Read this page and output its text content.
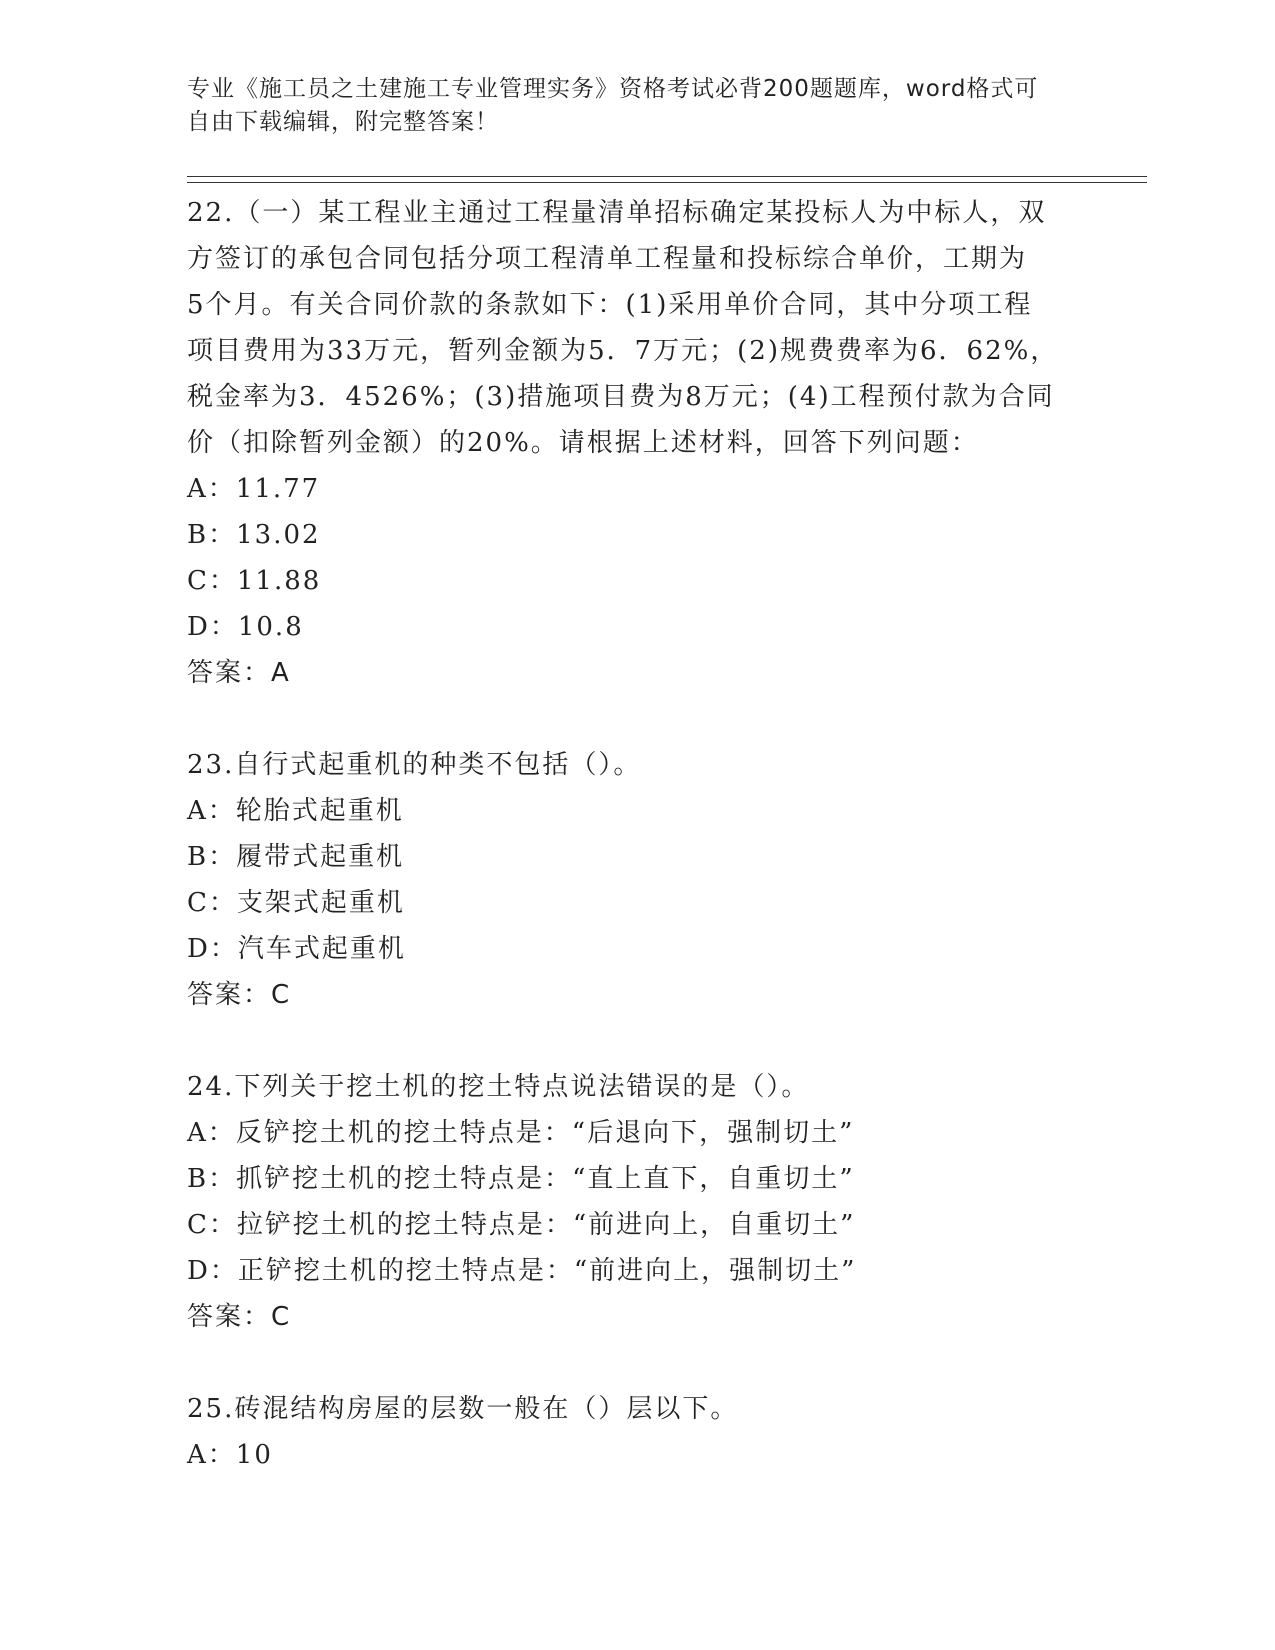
专业《施工员之土建施工专业管理实务》资格考试必背200题题库，word格式可
自由下载编辑，附完整答案！
22.（一）某工程业主通过工程量清单招标确定某投标人为中标人，双
方签订的承包合同包括分项工程清单工程量和投标综合单价，工期为
5个月。有关合同价款的条款如下：(1)采用单价合同，其中分项工程
项目费用为33万元，暂列金额为5．7万元；(2)规费费率为6．62%，
税金率为3．4526%；(3)措施项目费为8万元；(4)工程预付款为合同
价（扣除暂列金额）的20%。请根据上述材料，回答下列问题：
A：11.77
B：13.02
C：11.88
D：10.8
答案：A
23.自行式起重机的种类不包括（）。
A：轮胎式起重机
B：履带式起重机
C：支架式起重机
D：汽车式起重机
答案：C
24.下列关于挖土机的挖土特点说法错误的是（）。
A：反铲挖土机的挖土特点是：“后退向下，强制切土”
B：抓铲挖土机的挖土特点是：“直上直下，自重切土”
C：拉铲挖土机的挖土特点是：“前进向上，自重切土”
D：正铲挖土机的挖土特点是：“前进向上，强制切土”
答案：C
25.砖混结构房屋的层数一般在（）层以下。
A：10
